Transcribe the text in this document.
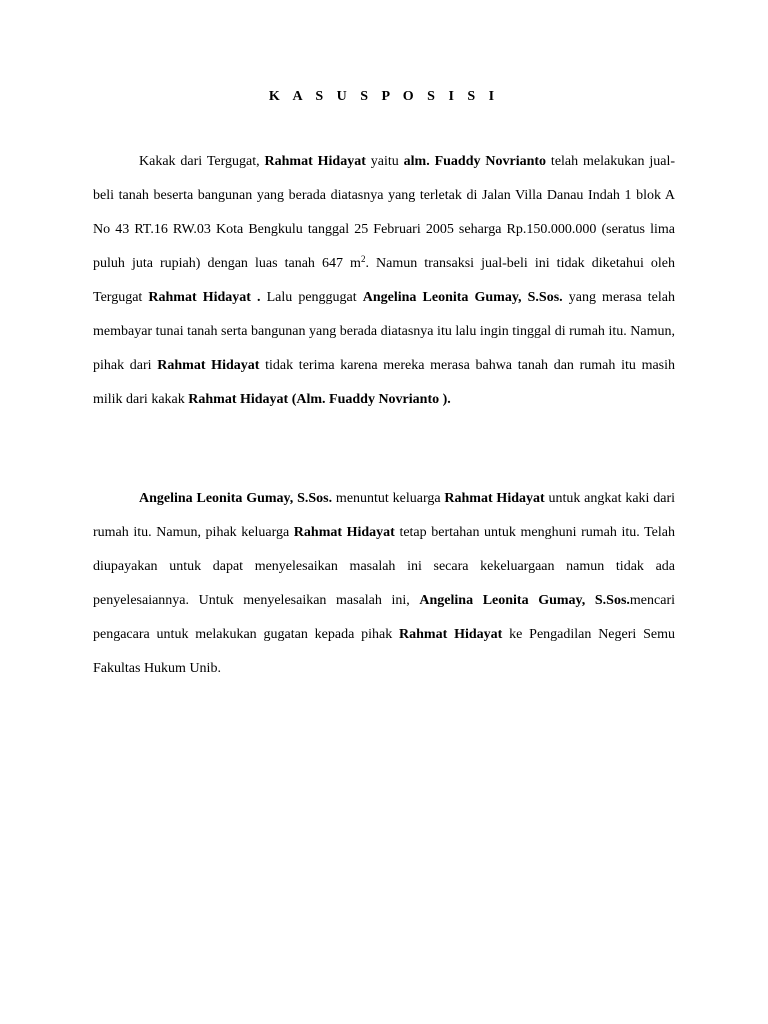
K A S U S P O S I S I

Kakak dari Tergugat, Rahmat Hidayat yaitu alm. Fuaddy Novrianto telah melakukan jual-beli tanah beserta bangunan yang berada diatasnya yang terletak di Jalan Villa Danau Indah 1 blok A No 43 RT.16 RW.03 Kota Bengkulu tanggal 25 Februari 2005 seharga Rp.150.000.000 (seratus lima puluh juta rupiah) dengan luas tanah 647 $m^2$. Namun transaksi jual-beli ini tidak diketahui oleh Tergugat Rahmat Hidayat . Lalu penggugat Angelina Leonita Gumay, S.Sos. yang merasa telah membayar tunai tanah serta bangunan yang berada diatasnya itu lalu ingin tinggal di rumah itu. Namun, pihak dari Rahmat Hidayat tidak terima karena mereka merasa bahwa tanah dan rumah itu masih milik dari kakak Rahmat Hidayat (Alm. Fuaddy Novrianto ).

Angelina Leonita Gumay, S.Sos. menuntut keluarga Rahmat Hidayat untuk angkat kaki dari rumah itu. Namun, pihak keluarga Rahmat Hidayat tetap bertahan untuk menghuni rumah itu. Telah diupayakan untuk dapat menyelesaikan masalah ini secara kekeluargaan namun tidak ada penyelesaiannya. Untuk menyelesaikan masalah ini, Angelina Leonita Gumay, S.Sos.mencari pengacara untuk melakukan gugatan kepada pihak Rahmat Hidayat ke Pengadilan Negeri Semu Fakultas Hukum Unib.
